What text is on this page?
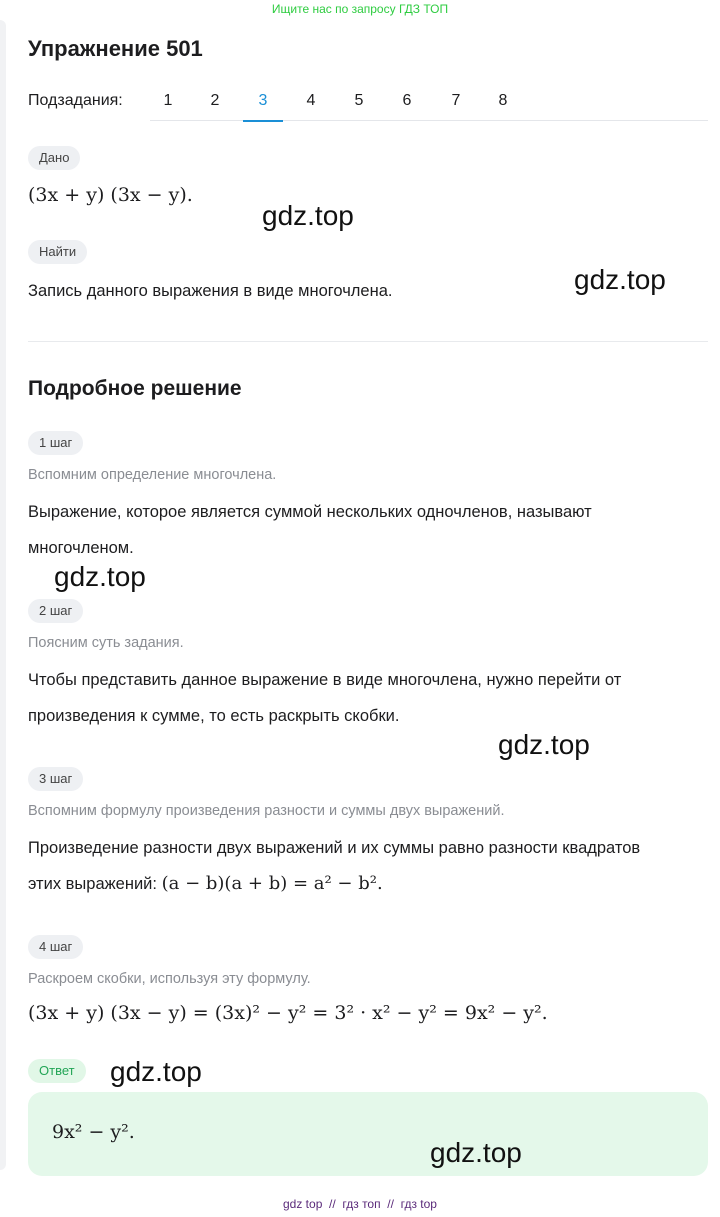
Ищите нас по запросу ГДЗ ТОП
Упражнение 501
Подзадания:	1	2	3	4	5	6	7	8
Дано
(3x + y) (3x − y).
Найти
Запись данного выражения в виде многочлена.
Подробное решение
1 шаг
Вспомним определение многочлена.
Выражение, которое является суммой нескольких одночленов, называют многочленом.
2 шаг
Поясним суть задания.
Чтобы представить данное выражение в виде многочлена, нужно перейти от произведения к сумме, то есть раскрыть скобки.
3 шаг
Вспомним формулу произведения разности и суммы двух выражений.
Произведение разности двух выражений и их суммы равно разности квадратов этих выражений: (a − b)(a + b) = a² − b².
4 шаг
Раскроем скобки, используя эту формулу.
(3x + y) (3x − y) = (3x)² − y² = 3² · x² − y² = 9x² − y².
Ответ
9x² − y².
gdz.top
gdz.top
gdz.top
gdz.top
gdz.top
gdz.top
gdz top // гдз топ // гдз top
